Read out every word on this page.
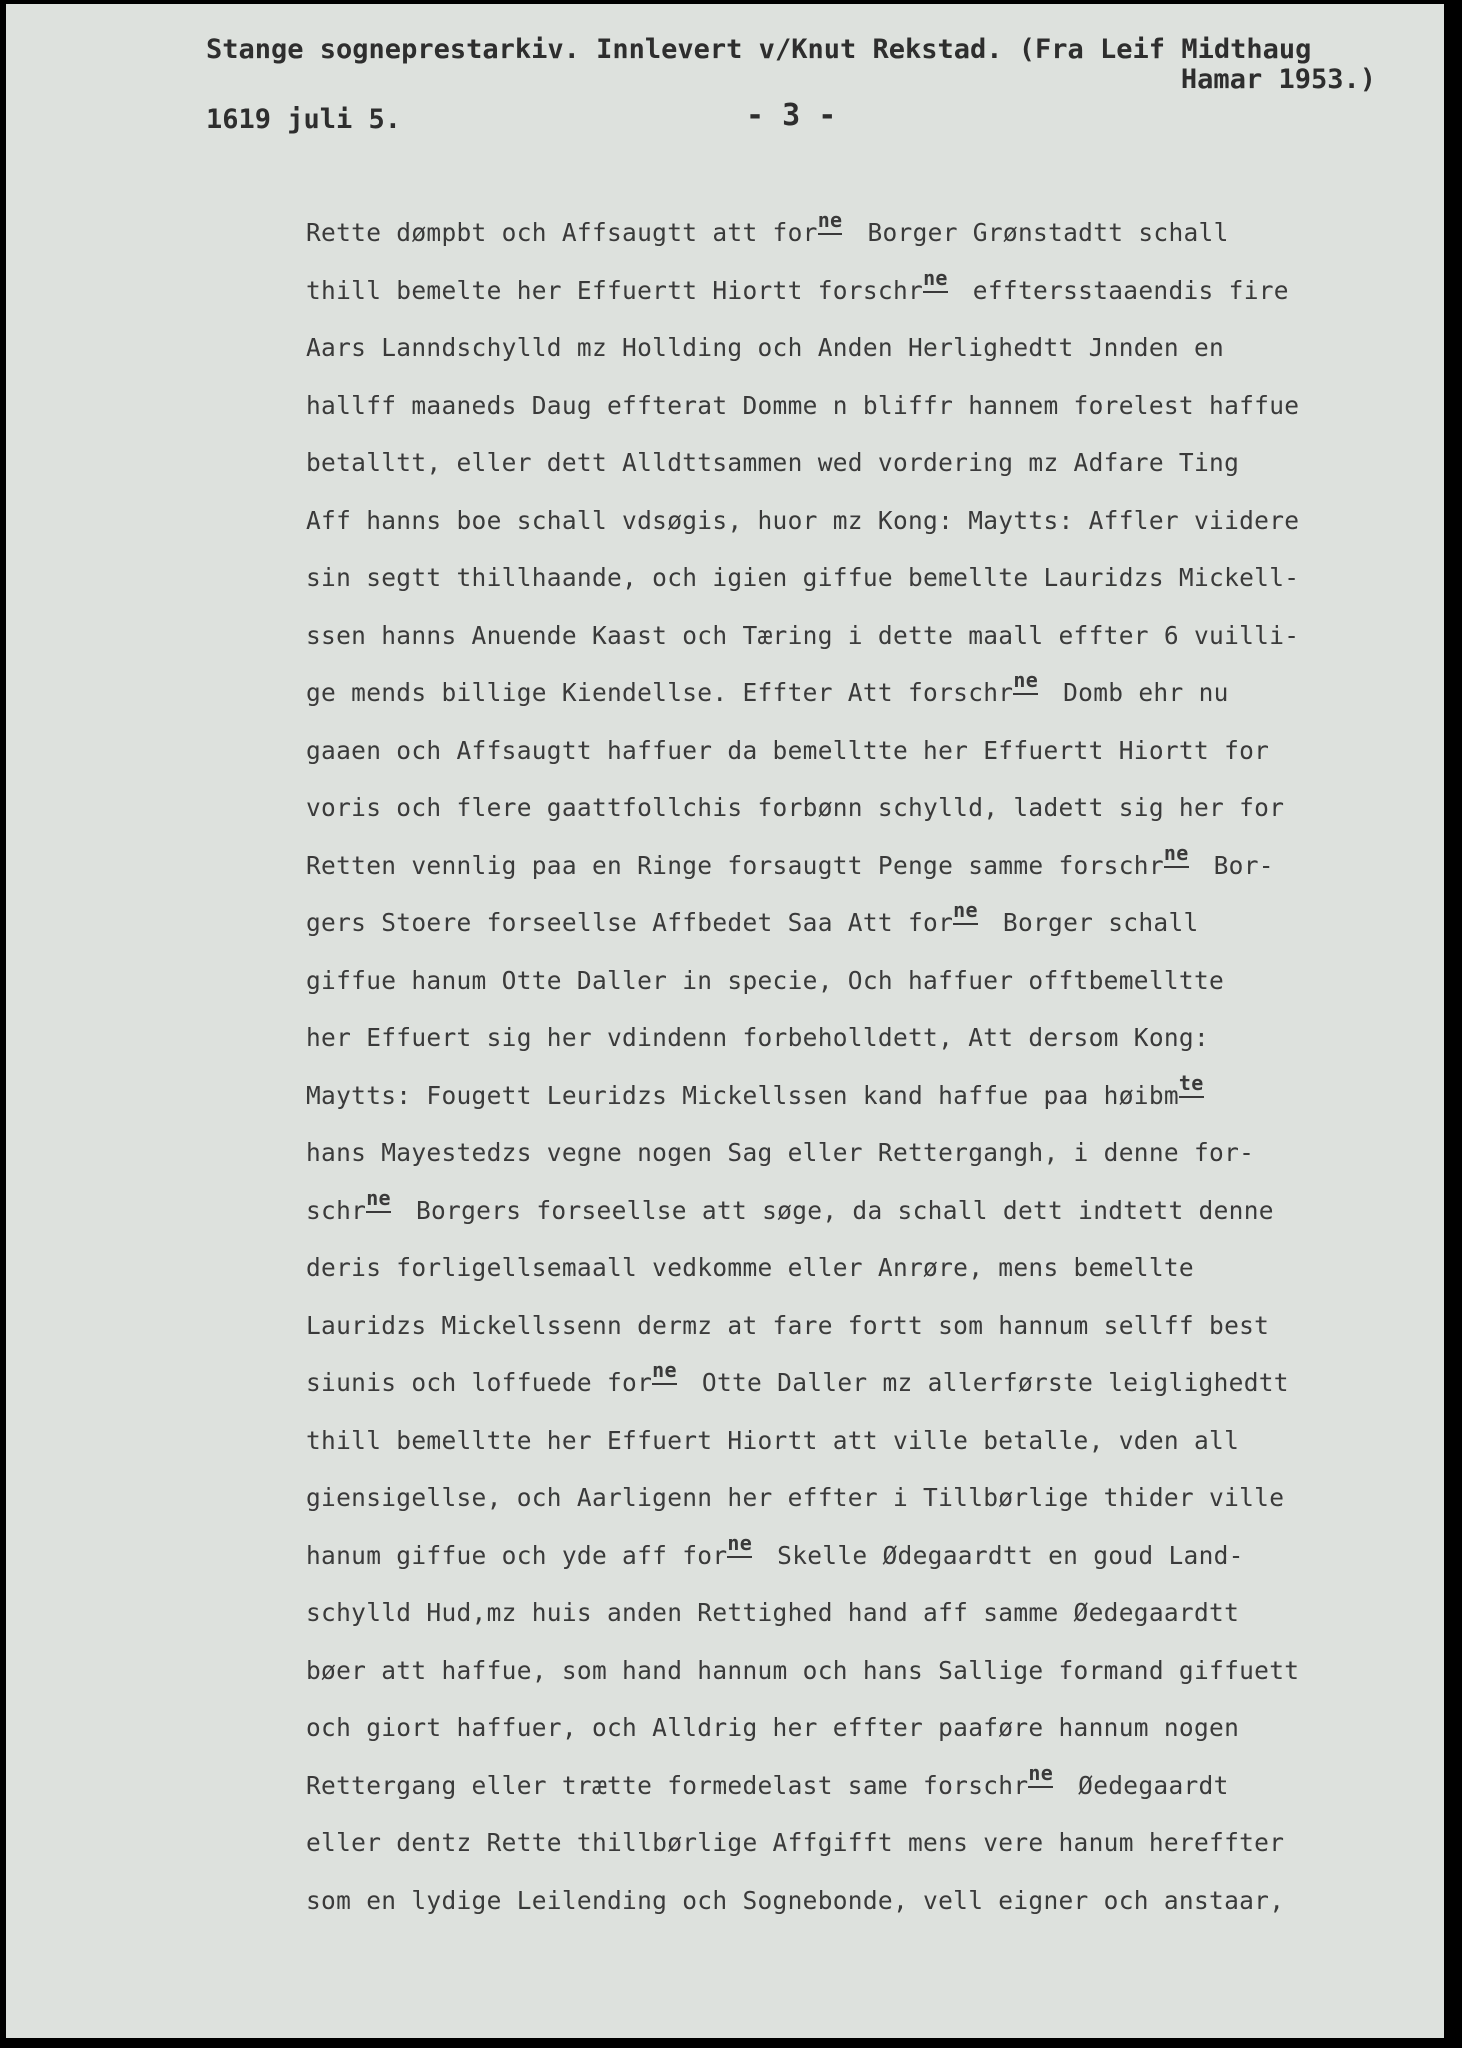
Stange sogneprestarkiv. Innlevert v/Knut Rekstad. (Fra Leif Midthaug
Hamar 1953.)
1619 juli 5.	- 3 -
Rette dømpbt och Affsaugtt att forne Borger Grønstadtt schall
thill bemelte her Effuertt Hiortt forschrne efftersstaaendis fire
Aars Lanndschylld mz Hollding och Anden Herlighedtt Jnnden en
hallff maaneds Daug effterat Domme n bliffr hannem forelest haffue
betalltt, eller dett Alldttsammen wed vordering mz Adfare Ting
Aff hanns boe schall vdsøgis, huor mz Kong: Maytts: Affler viidere
sin segtt thillhaande, och igien giffue bemellte Lauridzs Mickell-
ssen hanns Anuende Kaast och Tæring i dette maall effter 6 vuilli-
ge mends billige Kiendellse. Effter Att forschrne Domb ehr nu
gaaen och Affsaugtt haffuer da bemelltte her Effuertt Hiortt for
voris och flere gaattfollchis forbønn schylld, ladett sig her for
Retten vennlig paa en Ringe forsaugtt Penge samme forschrne Bor-
gers Stoere forseellse Affbedet Saa Att forne Borger schall
giffue hanum Otte Daller in specie, Och haffuer offtbemelltte
her Effuert sig her vdindenn forbeholldett, Att dersom Kong:
Maytts: Fougett Leuridzs Mickellssen kand haffue paa høibmte
hans Mayestedzs vegne nogen Sag eller Rettergangh, i denne for-
schrne Borgers forseellse att søge, da schall dett indtett denne
deris forligellsemaall vedkomme eller Anrøre, mens bemellte
Lauridzs Mickellssenn dermz at fare fortt som hannum sellff best
siunis och loffuede forne Otte Daller mz allerførste leiglighedtt
thill bemelltte her Effuert Hiortt att ville betalle, vden all
giensigellse, och Aarligenn her effter i Tillbørlige thider ville
hanum giffue och yde aff forne Skelle Ødegaardtt en goud Land-
schylld Hud,mz huis anden Rettighed hand aff samme Øedegaardtt
bøer att haffue, som hand hannum och hans Sallige formand giffuett
och giort haffuer, och Alldrig her effter paaføre hannum nogen
Rettergang eller trætte formedelast same forschrne Øedegaardt
eller dentz Rette thillbørlige Affgifft mens vere hanum hereffter
som en lydige Leilending och Sognebonde, vell eigner och anstaar,
